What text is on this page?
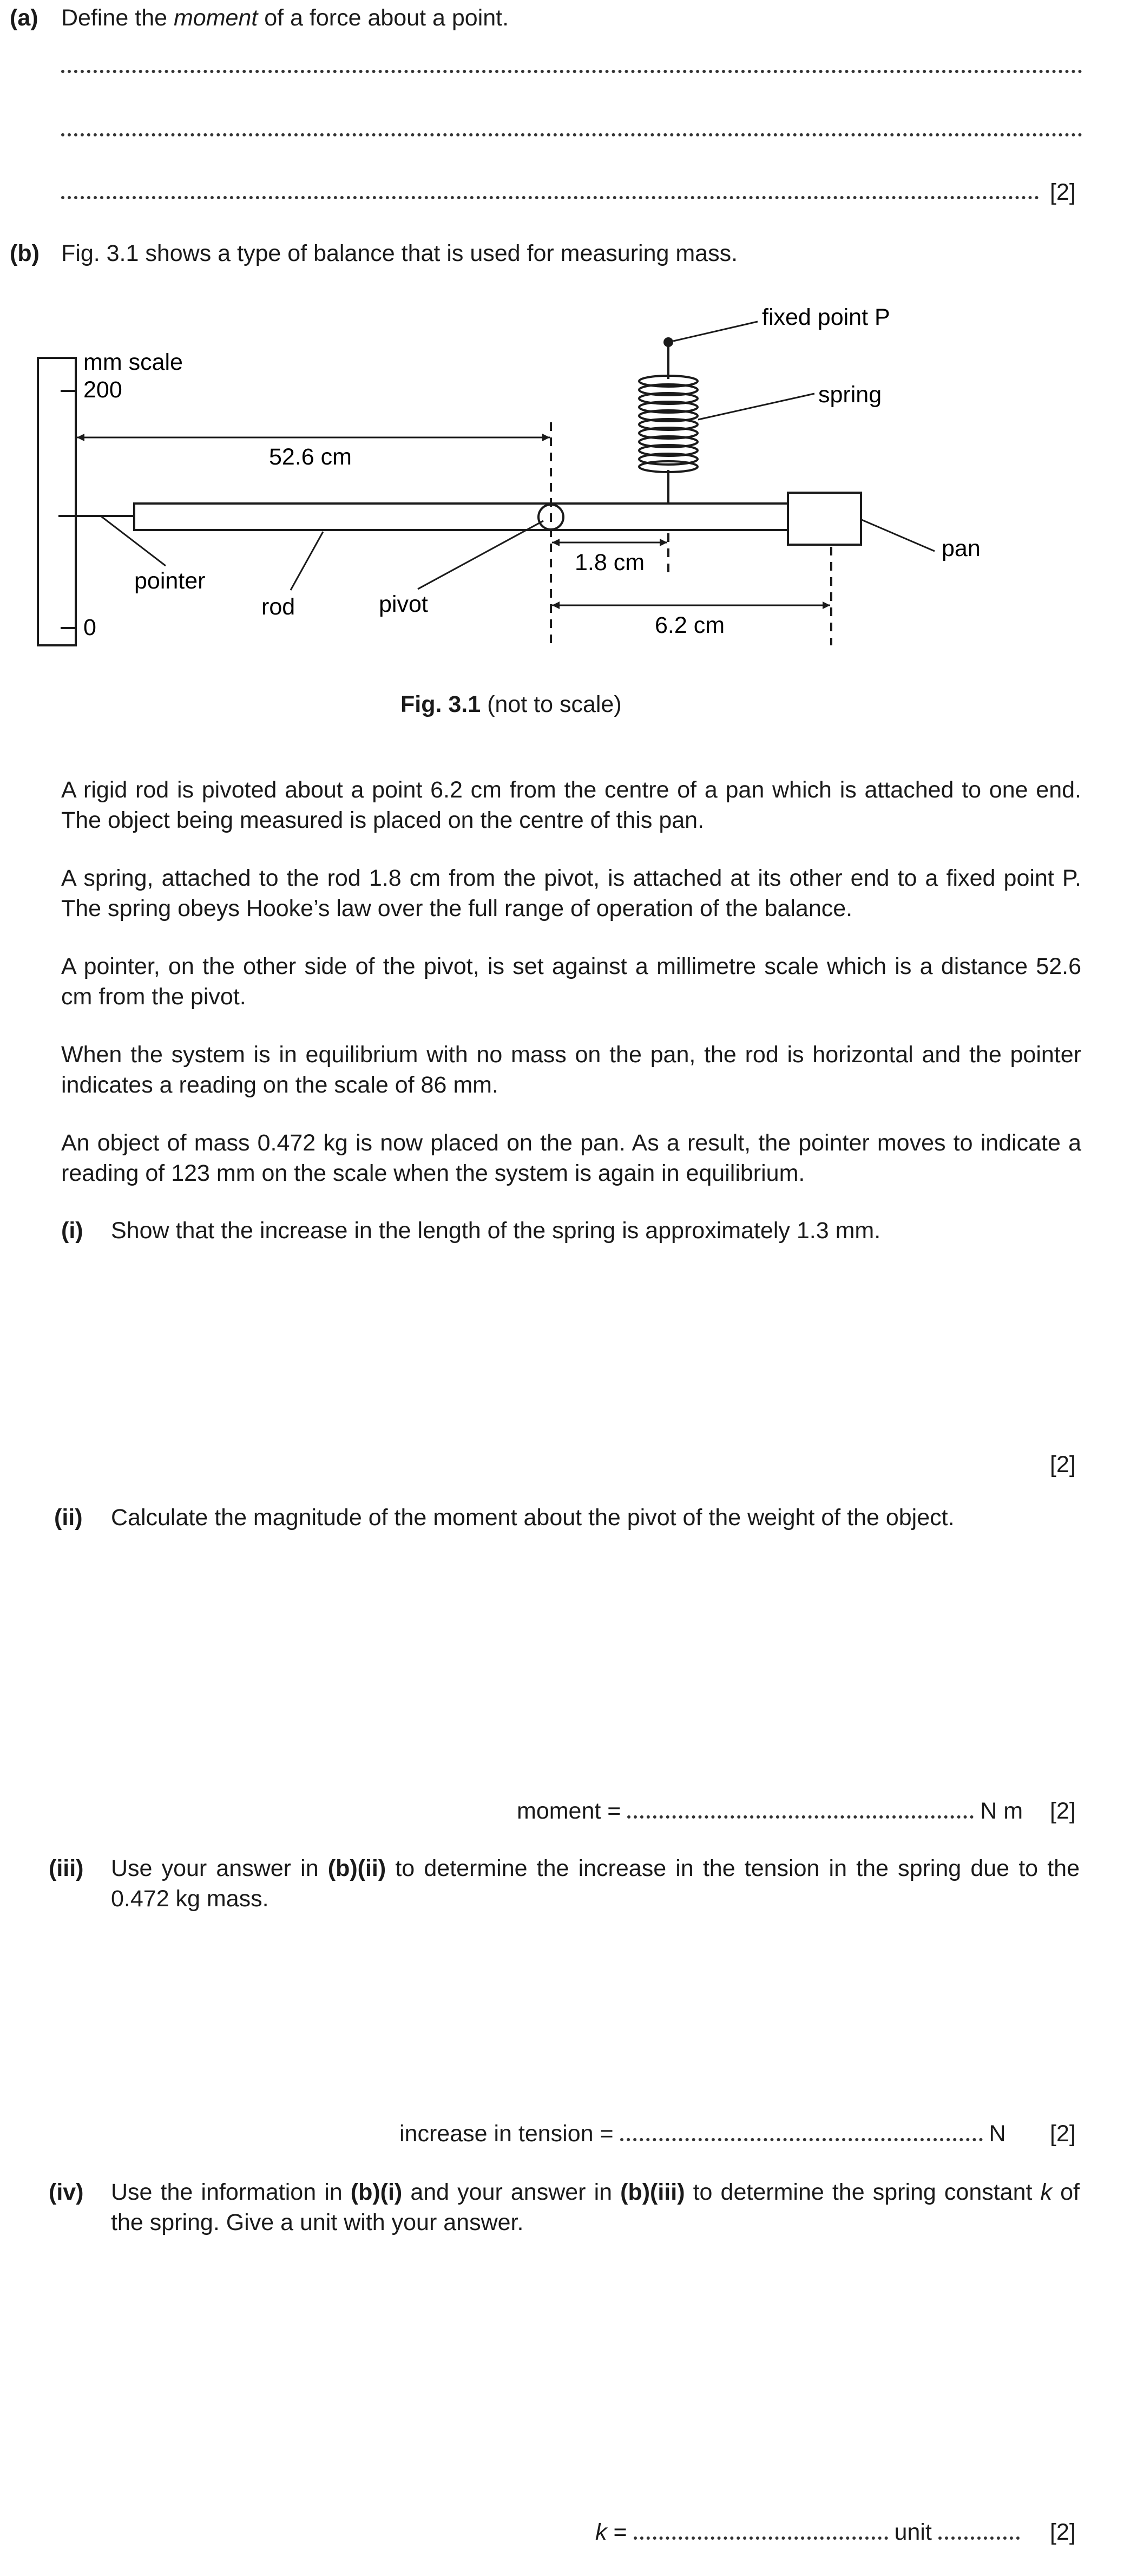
(a) Define the moment of a force about a point.
[2]
(b) Fig. 3.1 shows a type of balance that is used for measuring mass.
mm scale
200
0
52.6 cm
1.8 cm
6.2 cm
fixed point P
spring
pan
pointer
rod	pivot
Fig. 3.1 (not to scale)
A rigid rod is pivoted about a point 6.2 cm from the centre of a pan which is attached to one end. The object being measured is placed on the centre of this pan.
A spring, attached to the rod 1.8 cm from the pivot, is attached at its other end to a fixed point P. The spring obeys Hooke’s law over the full range of operation of the balance.
A pointer, on the other side of the pivot, is set against a millimetre scale which is a distance 52.6 cm from the pivot.
When the system is in equilibrium with no mass on the pan, the rod is horizontal and the pointer indicates a reading on the scale of 86 mm.
An object of mass 0.472 kg is now placed on the pan. As a result, the pointer moves to indicate a reading of 123 mm on the scale when the system is again in equilibrium.
(i) Show that the increase in the length of the spring is approximately 1.3 mm.
[2]
(ii) Calculate the magnitude of the moment about the pivot of the weight of the object.
moment =	N m [2]
(iii) Use your answer in (b)(ii) to determine the increase in the tension in the spring due to the 0.472 kg mass.
increase in tension =	N [2]
(iv) Use the information in (b)(i) and your answer in (b)(iii) to determine the spring constant k of the spring. Give a unit with your answer.
k =	unit	[2]
